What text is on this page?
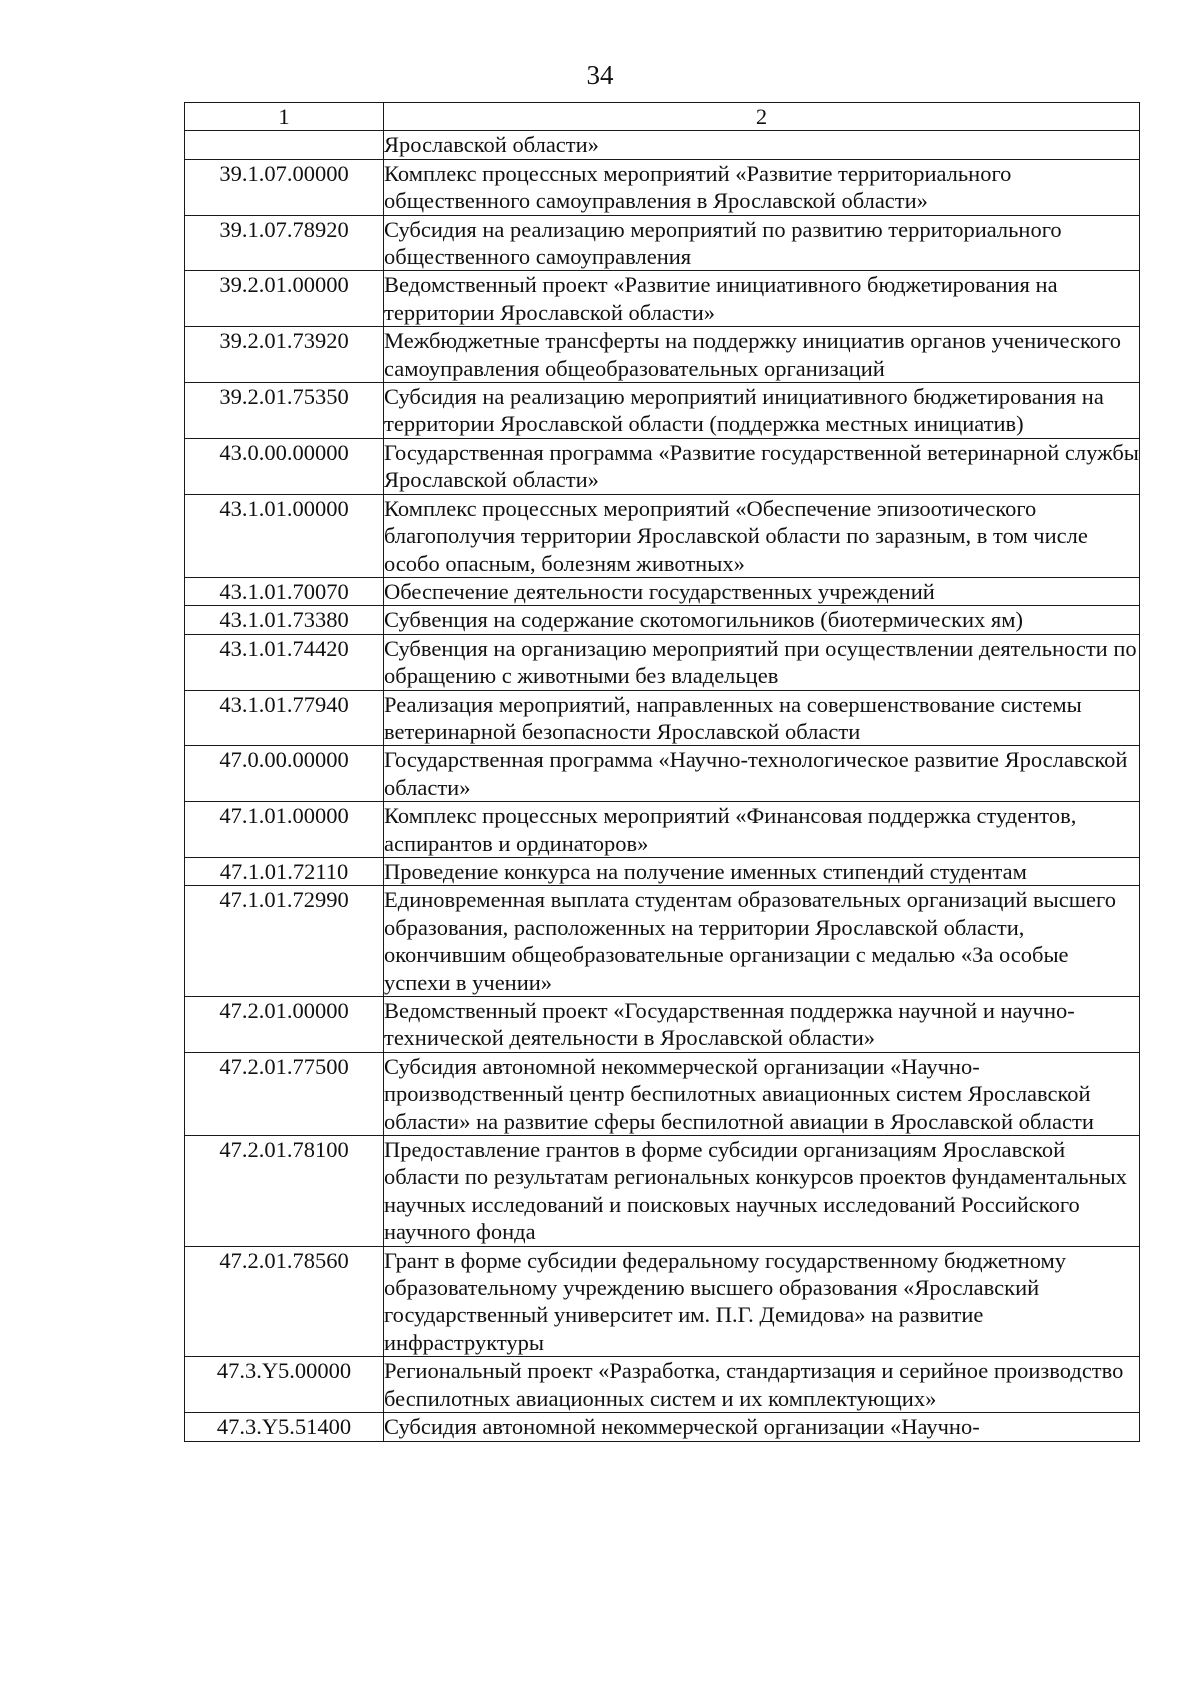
34
1	2
	Ярославской области»
39.1.07.00000	Комплекс процессных мероприятий «Развитие территориального общественного самоуправления в Ярославской области»
39.1.07.78920	Субсидия на реализацию мероприятий по развитию территориального общественного самоуправления
39.2.01.00000	Ведомственный проект «Развитие инициативного бюджетирования на территории Ярославской области»
39.2.01.73920	Межбюджетные трансферты на поддержку инициатив органов ученического самоуправления общеобразовательных организаций
39.2.01.75350	Субсидия на реализацию мероприятий инициативного бюджетирования на территории Ярославской области (поддержка местных инициатив)
43.0.00.00000	Государственная программа «Развитие государственной ветеринарной службы Ярославской области»
43.1.01.00000	Комплекс процессных мероприятий «Обеспечение эпизоотического благополучия территории Ярославской области по заразным, в том числе особо опасным, болезням животных»
43.1.01.70070	Обеспечение деятельности государственных учреждений
43.1.01.73380	Субвенция на содержание скотомогильников (биотермических ям)
43.1.01.74420	Субвенция на организацию мероприятий при осуществлении деятельности по обращению с животными без владельцев
43.1.01.77940	Реализация мероприятий, направленных на совершенствование системы ветеринарной безопасности Ярославской области
47.0.00.00000	Государственная программа «Научно-технологическое развитие Ярославской области»
47.1.01.00000	Комплекс процессных мероприятий «Финансовая поддержка студентов, аспирантов и ординаторов»
47.1.01.72110	Проведение конкурса на получение именных стипендий студентам
47.1.01.72990	Единовременная выплата студентам образовательных организаций высшего образования, расположенных на территории Ярославской области, окончившим общеобразовательные организации с медалью «За особые успехи в учении»
47.2.01.00000	Ведомственный проект «Государственная поддержка научной и научно-технической деятельности в Ярославской области»
47.2.01.77500	Субсидия автономной некоммерческой организации «Научно-производственный центр беспилотных авиационных систем Ярославской области» на развитие сферы беспилотной авиации в Ярославской области
47.2.01.78100	Предоставление грантов в форме субсидии организациям Ярославской области по результатам региональных конкурсов проектов фундаментальных научных исследований и поисковых научных исследований Российского научного фонда
47.2.01.78560	Грант в форме субсидии федеральному государственному бюджетному образовательному учреждению высшего образования «Ярославский государственный университет им. П.Г. Демидова» на развитие инфраструктуры
47.3.Y5.00000	Региональный проект «Разработка, стандартизация и серийное производство беспилотных авиационных систем и их комплектующих»
47.3.Y5.51400	Субсидия автономной некоммерческой организации «Научно-
